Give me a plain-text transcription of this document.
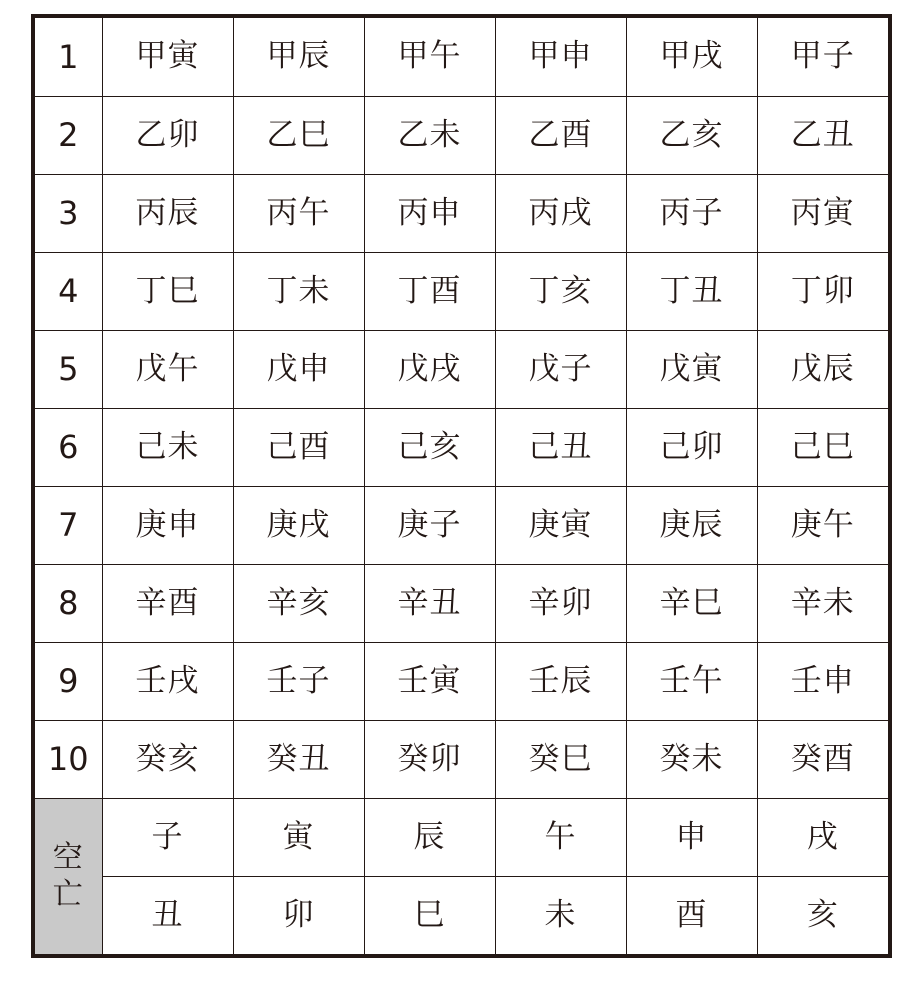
1	甲寅	甲辰	甲午	甲申	甲戌	甲子
2	乙卯	乙巳	乙未	乙酉	乙亥	乙丑
3	丙辰	丙午	丙申	丙戌	丙子	丙寅
4	丁巳	丁未	丁酉	丁亥	丁丑	丁卯
5	戊午	戊申	戊戌	戊子	戊寅	戊辰
6	己未	己酉	己亥	己丑	己卯	己巳
7	庚申	庚戌	庚子	庚寅	庚辰	庚午
8	辛酉	辛亥	辛丑	辛卯	辛巳	辛未
9	壬戌	壬子	壬寅	壬辰	壬午	壬申
10	癸亥	癸丑	癸卯	癸巳	癸未	癸酉

空
亡	子	寅	辰	午	申	戌
	丑	卯	巳	未	酉	亥
